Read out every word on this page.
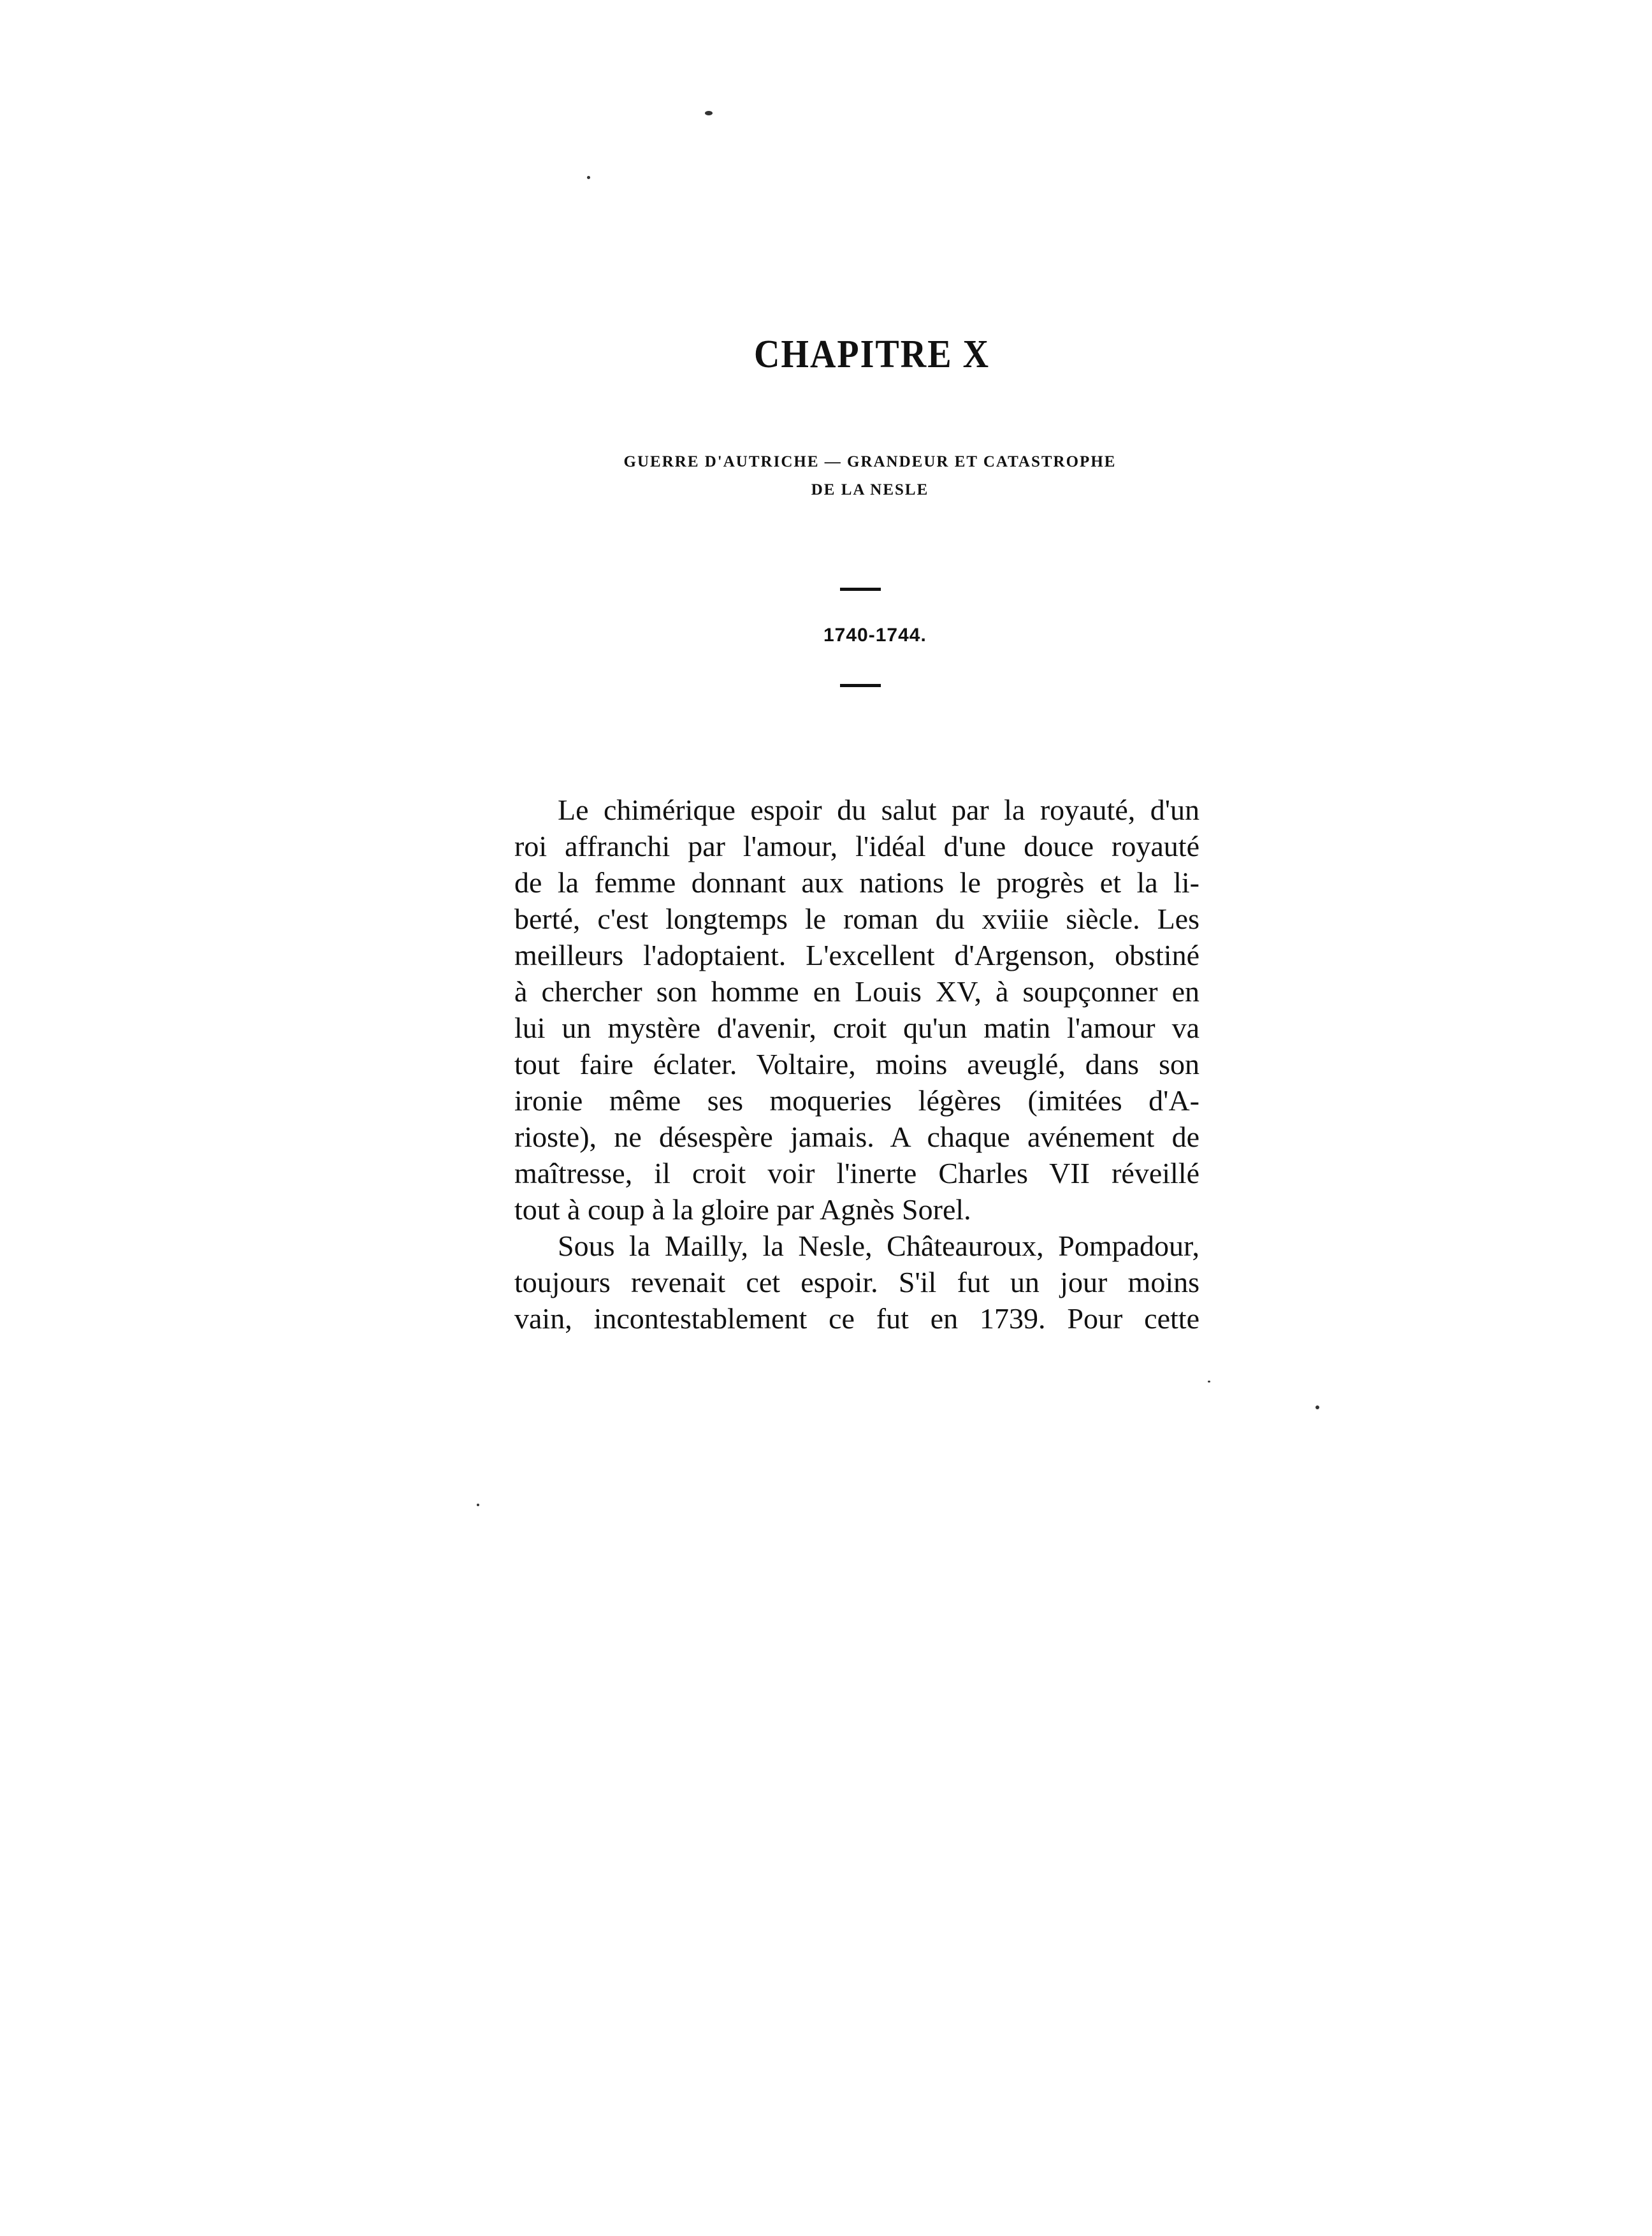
CHAPITRE X
GUERRE D'AUTRICHE — GRANDEUR ET CATASTROPHE
DE LA NESLE
1740-1744.

Le chimérique espoir du salut par la royauté, d'un
roi affranchi par l'amour, l'idéal d'une douce royauté
de la femme donnant aux nations le progrès et la li-
berté, c'est longtemps le roman du xviiie siècle. Les
meilleurs l'adoptaient. L'excellent d'Argenson, obstiné
à chercher son homme en Louis XV, à soupçonner en
lui un mystère d'avenir, croit qu'un matin l'amour va
tout faire éclater. Voltaire, moins aveuglé, dans son
ironie même ses moqueries légères (imitées d'A-
rioste), ne désespère jamais. A chaque avénement de
maîtresse, il croit voir l'inerte Charles VII réveillé
tout à coup à la gloire par Agnès Sorel.

Sous la Mailly, la Nesle, Châteauroux, Pompadour,
toujours revenait cet espoir. S'il fut un jour moins
vain, incontestablement ce fut en 1739. Pour cette
